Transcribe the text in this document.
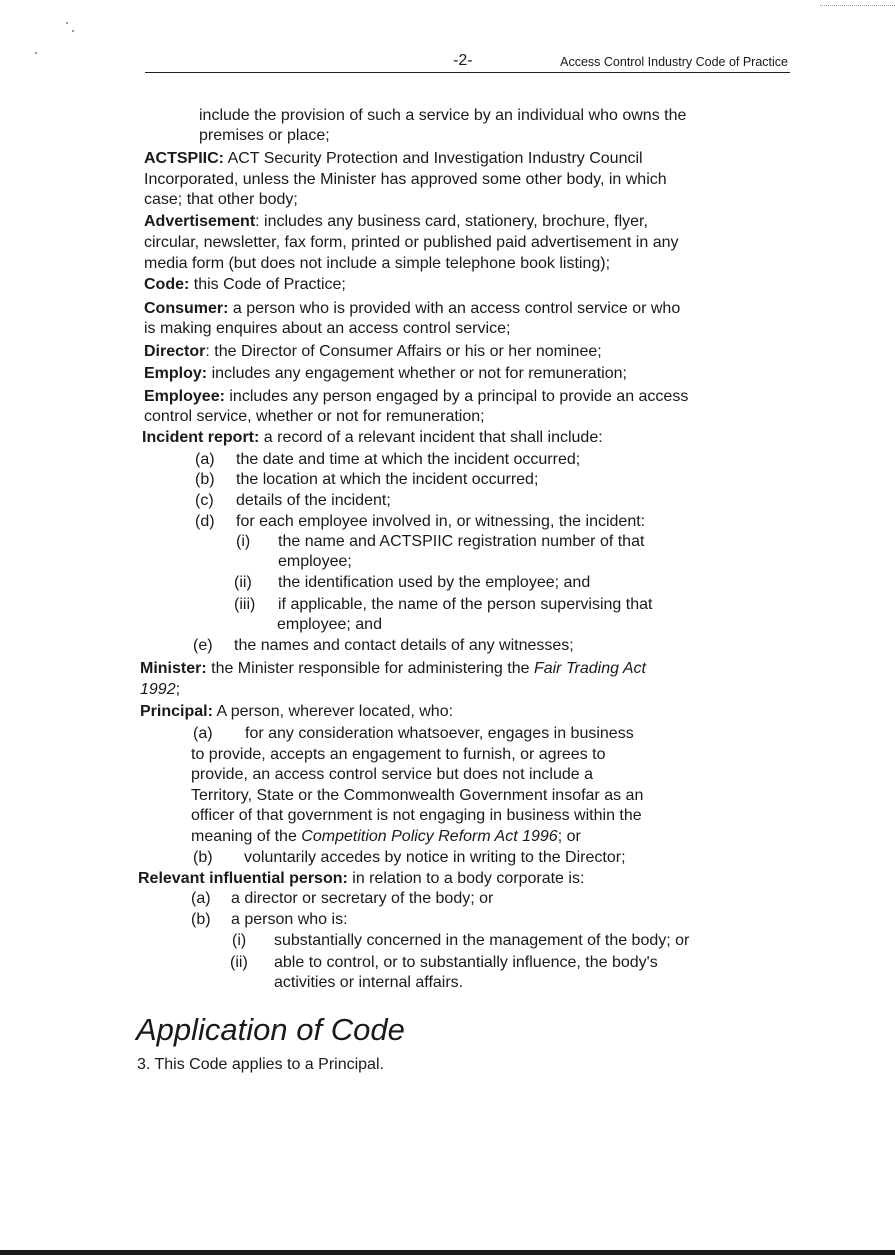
-2-	Access Control Industry Code of Practice
include the provision of such a service by an individual who owns the
premises or place;
ACTSPIIC: ACT Security Protection and Investigation Industry Council
Incorporated, unless the Minister has approved some other body, in which
case; that other body;
Advertisement: includes any business card, stationery, brochure, flyer,
circular, newsletter, fax form, printed or published paid advertisement in any
media form (but does not include a simple telephone book listing);
Code: this Code of Practice;
Consumer: a person who is provided with an access control service or who
is making enquires about an access control service;
Director: the Director of Consumer Affairs or his or her nominee;
Employ: includes any engagement whether or not for remuneration;
Employee: includes any person engaged by a principal to provide an access
control service, whether or not for remuneration;
Incident report: a record of a relevant incident that shall include:
(a) the date and time at which the incident occurred;
(b) the location at which the incident occurred;
(c) details of the incident;
(d) for each employee involved in, or witnessing, the incident:
(i) the name and ACTSPIIC registration number of that
employee;
(ii) the identification used by the employee; and
(iii) if applicable, the name of the person supervising that
employee; and
(e) the names and contact details of any witnesses;
Minister: the Minister responsible for administering the Fair Trading Act
1992;
Principal: A person, wherever located, who:
(a) for any consideration whatsoever, engages in business
to provide, accepts an engagement to furnish, or agrees to
provide, an access control service but does not include a
Territory, State or the Commonwealth Government insofar as an
officer of that government is not engaging in business within the
meaning of the Competition Policy Reform Act 1996; or
(b) voluntarily accedes by notice in writing to the Director;
Relevant influential person: in relation to a body corporate is:
(a) a director or secretary of the body; or
(b) a person who is:
(i) substantially concerned in the management of the body; or
(ii) able to control, or to substantially influence, the body's
activities or internal affairs.
Application of Code
3. This Code applies to a Principal.
